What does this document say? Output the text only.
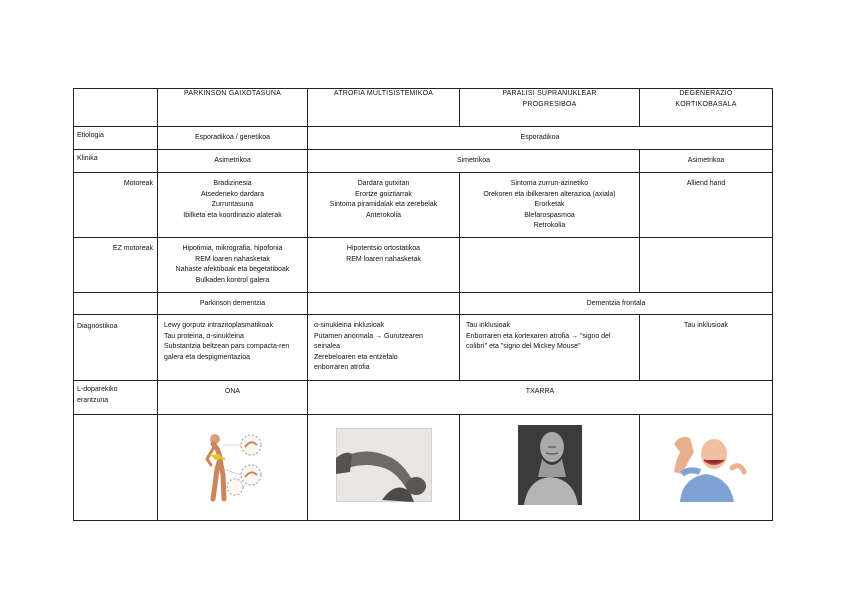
	PARKINSON GAIXOTASUNA	ATROFIA MULTISISTEMIKOA	PARALISI SUPRANUKLEAR PROGRESIBOA	DEGENERAZIO KORTIKOBASALA
Etiologia	Esporadikoa / genetikoa	Esporadikoa		
Klinika	Asimetrikoa	Simetrikoa		Asimetrikoa
Motoreak	Bradizinesia
Atsedeneko dardara
Zurruntasuna
Ibilketa eta koordinazio alaterak	Dardara gutxitan
Erortze goiztiarrak
Sintoma piramidalak eta zerebelak
Anterokolia	Sintoma zurrun-azinetiko
Orekoren eta ibilkeraren alterazioa (axiala)
Erorketak
Blefarospasmoa
Retrokolia	Alliend hand

EZ motoreak	Hipotimia, mikrografia, hipofonia
REM loaren nahasketak
Nahaste afektiboak eta begetatiboak
Bulkaden kontrol galera	Hipotentsio ortostatikoa
REM loaren nahasketak		

	Parkinson dementzia		Dementzia frontala	
Diagnostikoa	Lewy gorputz intrazitoplasmatikoak
Tau proteina, α-sinukleina
Substantzia beltzean pars compacta-ren
galera eta despigmentazioa	α-sinukleina inklusioak
Putamen anormala → Gurutzearen
seinalea
Zerebeloaren eta entzefalo
enborraren atrofia	Tau inklusioak
Enborraren eta kortexaren atrofia → "signo del
colibrí" eta "signo del Mickey Mouse"	Tau inklusioak

L-doparekiko
erantzuna	ONA	TXARRA		
